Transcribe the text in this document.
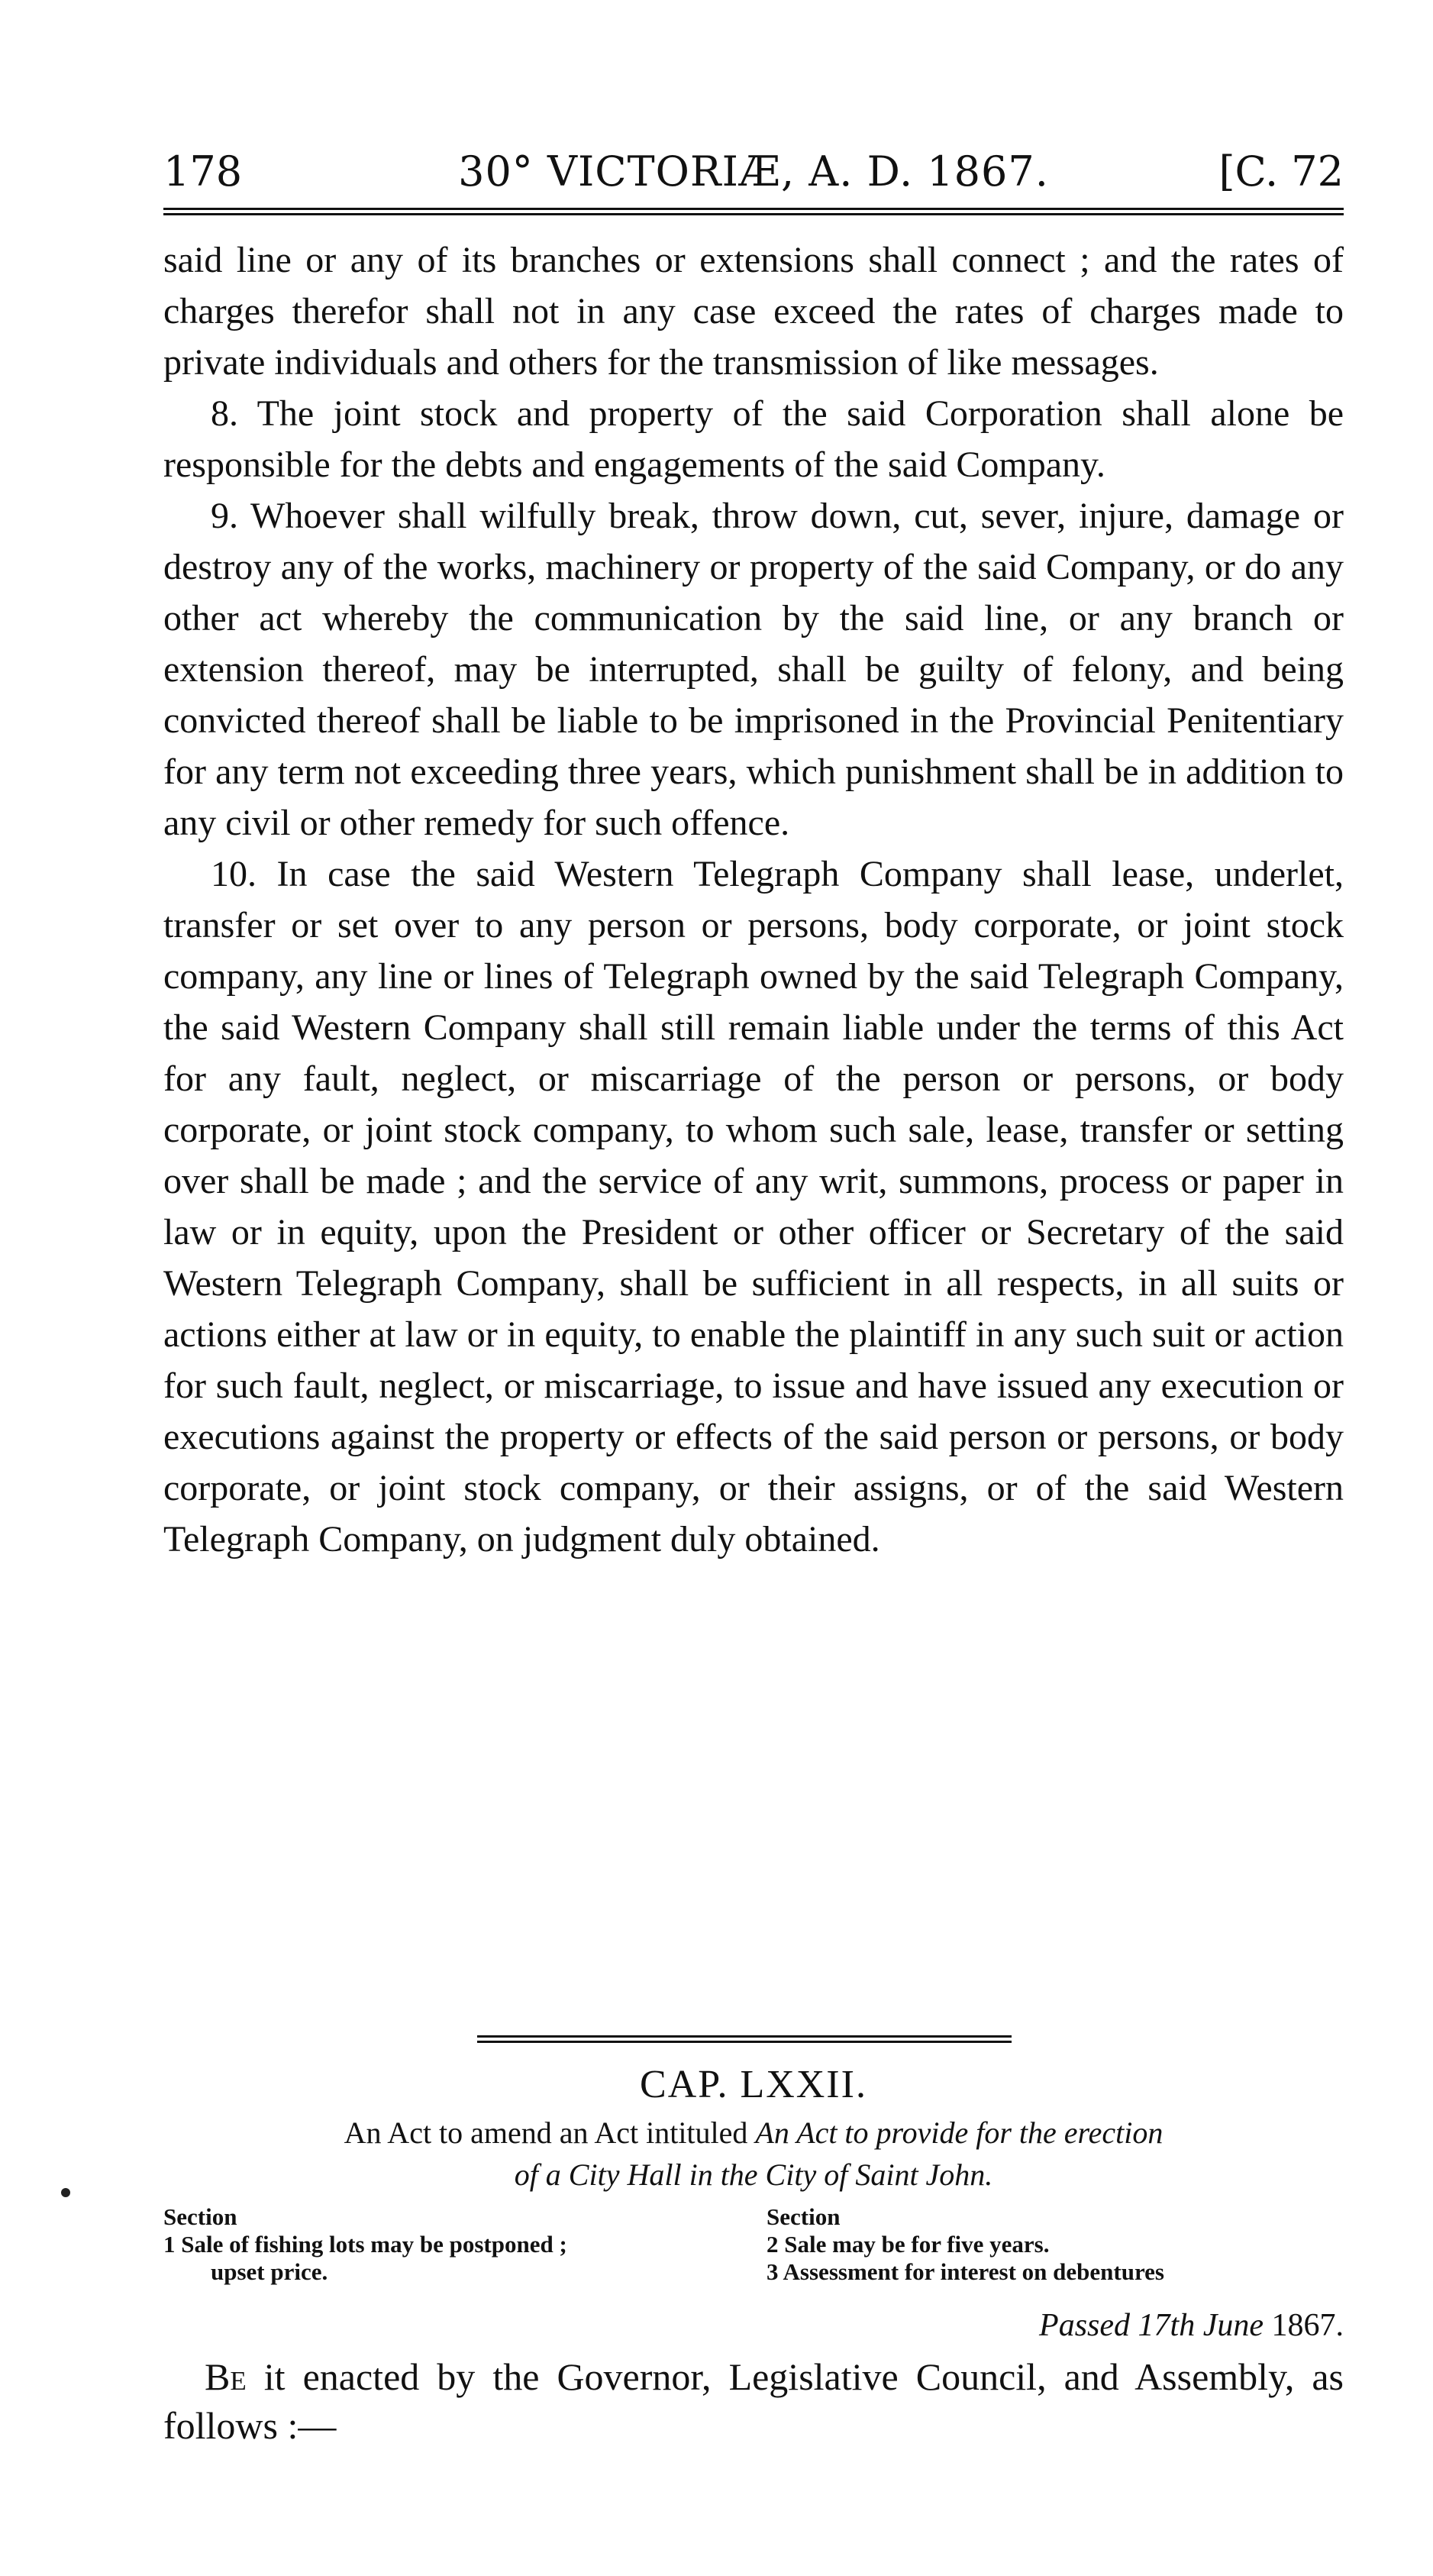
178	30° VICTORIÆ, A. D. 1867.	[C. 72

said line or any of its branches or extensions shall connect ; and the rates of charges therefor shall not in any case exceed the rates of charges made to private individuals and others for the transmission of like messages.

8. The joint stock and property of the said Corporation shall alone be responsible for the debts and engagements of the said Company.

9. Whoever shall wilfully break, throw down, cut, sever, injure, damage or destroy any of the works, machinery or property of the said Company, or do any other act whereby the communication by the said line, or any branch or extension thereof, may be interrupted, shall be guilty of felony, and being convicted thereof shall be liable to be imprisoned in the Provincial Penitentiary for any term not exceeding three years, which punishment shall be in addition to any civil or other remedy for such offence.

10. In case the said Western Telegraph Company shall lease, underlet, transfer or set over to any person or persons, body corporate, or joint stock company, any line or lines of Telegraph owned by the said Telegraph Company, the said Western Company shall still remain liable under the terms of this Act for any fault, neglect, or miscarriage of the person or persons, or body corporate, or joint stock company, to whom such sale, lease, transfer or setting over shall be made ; and the service of any writ, summons, process or paper in law or in equity, upon the President or other officer or Secretary of the said Western Telegraph Company, shall be sufficient in all respects, in all suits or actions either at law or in equity, to enable the plaintiff in any such suit or action for such fault, neglect, or miscarriage, to issue and have issued any execution or executions against the property or effects of the said person or persons, or body corporate, or joint stock company, or their assigns, or of the said Western Telegraph Company, on judgment duly obtained.

CAP. LXXII.
An Act to amend an Act intituled An Act to provide for the erection
of a City Hall in the City of Saint John.
Section
1 Sale of fishing lots may be postponed ;
upset price.
Section
2 Sale may be for five years.
3 Assessment for interest on debentures
Passed 17th June 1867.
Be it enacted by the Governor, Legislative Council, and Assembly, as follows :—
